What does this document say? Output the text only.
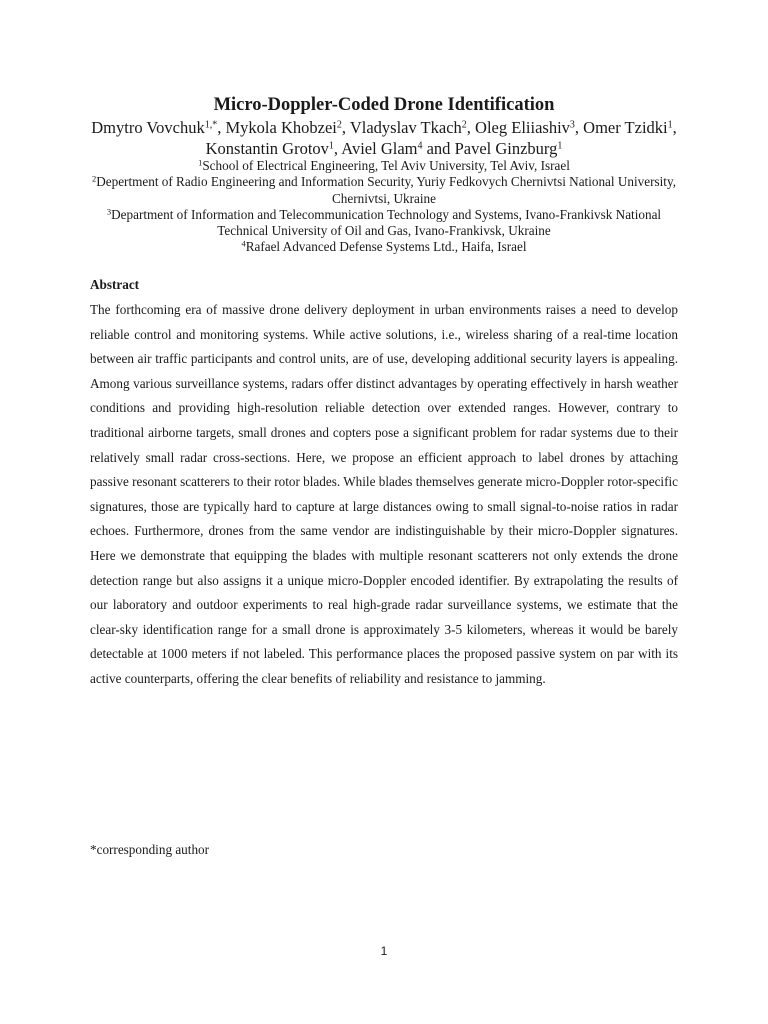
Micro-Doppler-Coded Drone Identification
Dmytro Vovchuk$^{1,*}$, Mykola Khobzei$^2$, Vladyslav Tkach$^2$, Oleg Eliiashiv$^3$, Omer Tzidki$^1$, Konstantin Grotov$^1$, Aviel Glam$^4$ and Pavel Ginzburg$^1$
$^1$School of Electrical Engineering, Tel Aviv University, Tel Aviv, Israel
$^2$Depertment of Radio Engineering and Information Security, Yuriy Fedkovych Chernivtsi National University, Chernivtsi, Ukraine
$^3$Department of Information and Telecommunication Technology and Systems, Ivano-Frankivsk National Technical University of Oil and Gas, Ivano-Frankivsk, Ukraine
$^4$Rafael Advanced Defense Systems Ltd., Haifa, Israel
Abstract

The forthcoming era of massive drone delivery deployment in urban environments raises a need to develop reliable control and monitoring systems. While active solutions, i.e., wireless sharing of a real-time location between air traffic participants and control units, are of use, developing additional security layers is appealing. Among various surveillance systems, radars offer distinct advantages by operating effectively in harsh weather conditions and providing high-resolution reliable detection over extended ranges. However, contrary to traditional airborne targets, small drones and copters pose a significant problem for radar systems due to their relatively small radar cross-sections. Here, we propose an efficient approach to label drones by attaching passive resonant scatterers to their rotor blades. While blades themselves generate micro-Doppler rotor-specific signatures, those are typically hard to capture at large distances owing to small signal-to-noise ratios in radar echoes. Furthermore, drones from the same vendor are indistinguishable by their micro-Doppler signatures. Here we demonstrate that equipping the blades with multiple resonant scatterers not only extends the drone detection range but also assigns it a unique micro-Doppler encoded identifier. By extrapolating the results of our laboratory and outdoor experiments to real high-grade radar surveillance systems, we estimate that the clear-sky identification range for a small drone is approximately 3-5 kilometers, whereas it would be barely detectable at 1000 meters if not labeled. This performance places the proposed passive system on par with its active counterparts, offering the clear benefits of reliability and resistance to jamming.

*corresponding author
1
